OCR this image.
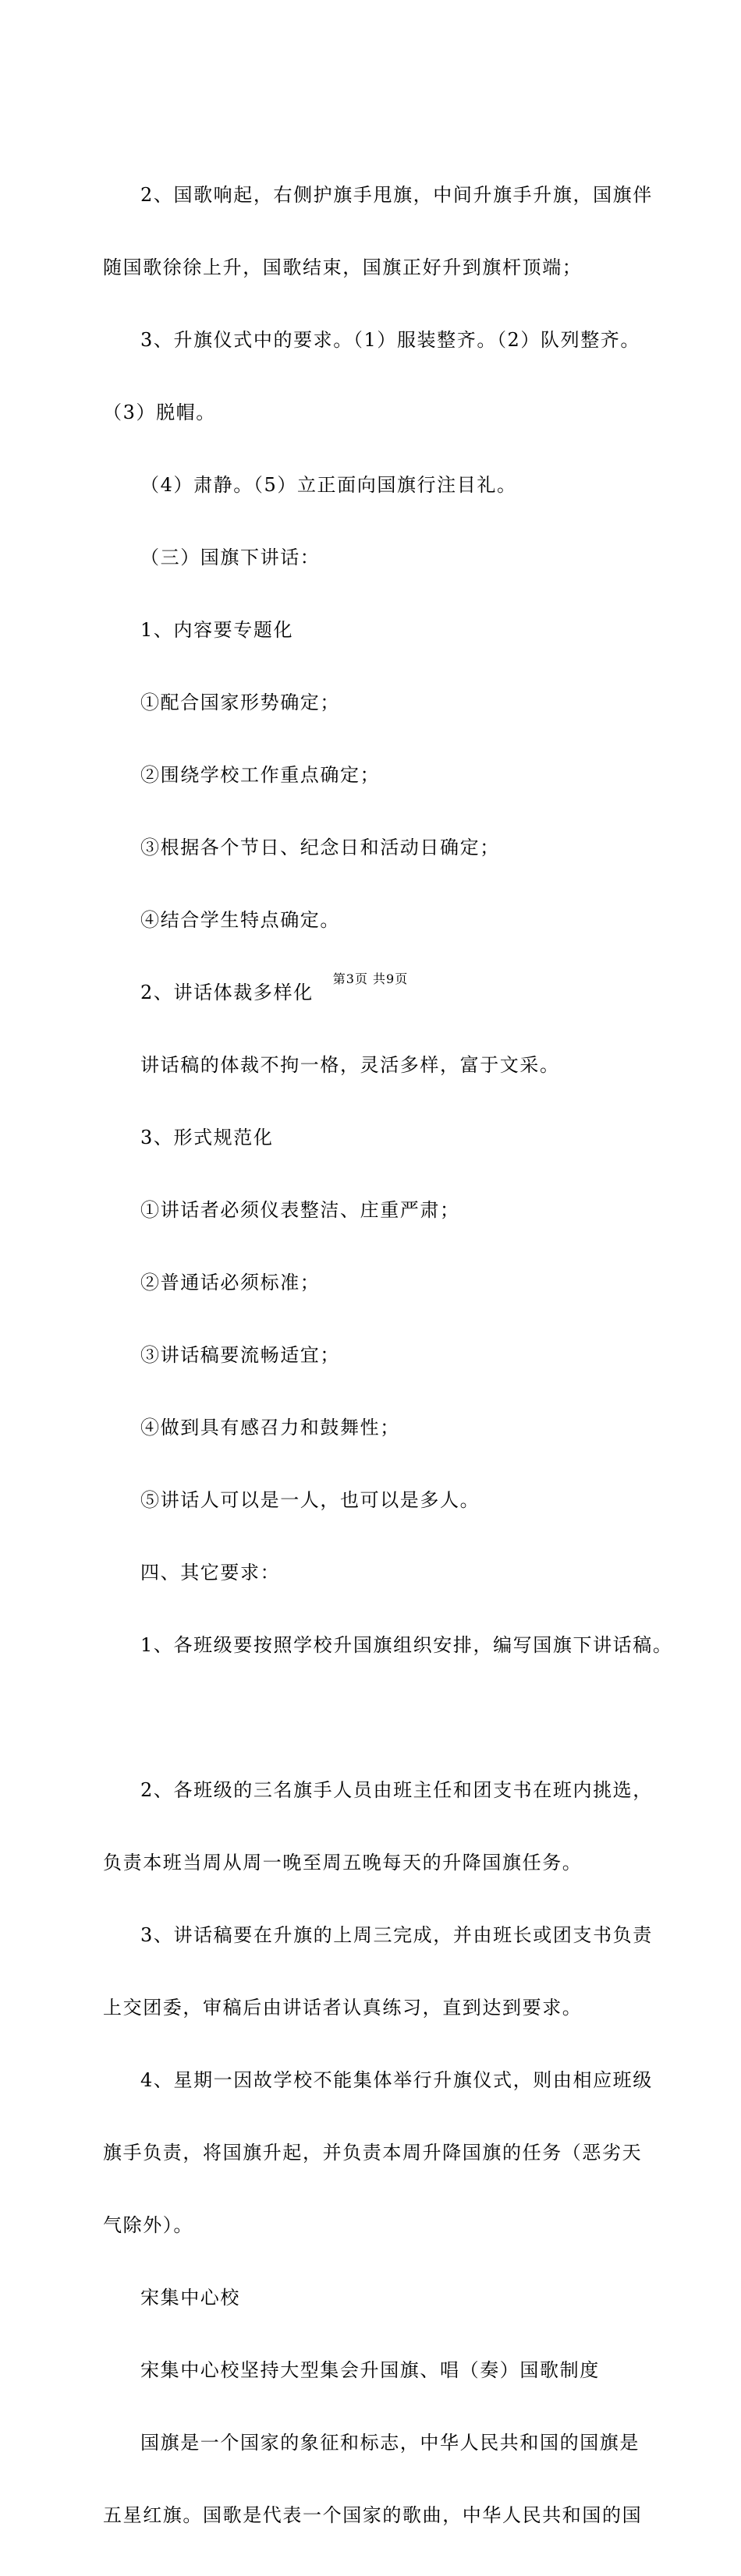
2、国歌响起，右侧护旗手甩旗，中间升旗手升旗，国旗伴

随国歌徐徐上升，国歌结束，国旗正好升到旗杆顶端；

3、升旗仪式中的要求。（1）服装整齐。（2）队列整齐。

（3）脱帽。

（4）肃静。（5）立正面向国旗行注目礼。

（三）国旗下讲话：

1、内容要专题化

①配合国家形势确定；

②围绕学校工作重点确定；

③根据各个节日、纪念日和活动日确定；

④结合学生特点确定。

2、讲话体裁多样化

讲话稿的体裁不拘一格，灵活多样，富于文采。

3、形式规范化

①讲话者必须仪表整洁、庄重严肃；

②普通话必须标准；

③讲话稿要流畅适宜；

④做到具有感召力和鼓舞性；

⑤讲话人可以是一人，也可以是多人。

四、其它要求：

1、各班级要按照学校升国旗组织安排，编写国旗下讲话稿。

2、各班级的三名旗手人员由班主任和团支书在班内挑选，

负责本班当周从周一晚至周五晚每天的升降国旗任务。

3、讲话稿要在升旗的上周三完成，并由班长或团支书负责

上交团委，审稿后由讲话者认真练习，直到达到要求。

4、星期一因故学校不能集体举行升旗仪式，则由相应班级

旗手负责，将国旗升起，并负责本周升降国旗的任务（恶劣天

气除外）。

宋集中心校

宋集中心校坚持大型集会升国旗、唱（奏）国歌制度

国旗是一个国家的象征和标志，中华人民共和国的国旗是

五星红旗。国歌是代表一个国家的歌曲，中华人民共和国的国

第3页 共9页
